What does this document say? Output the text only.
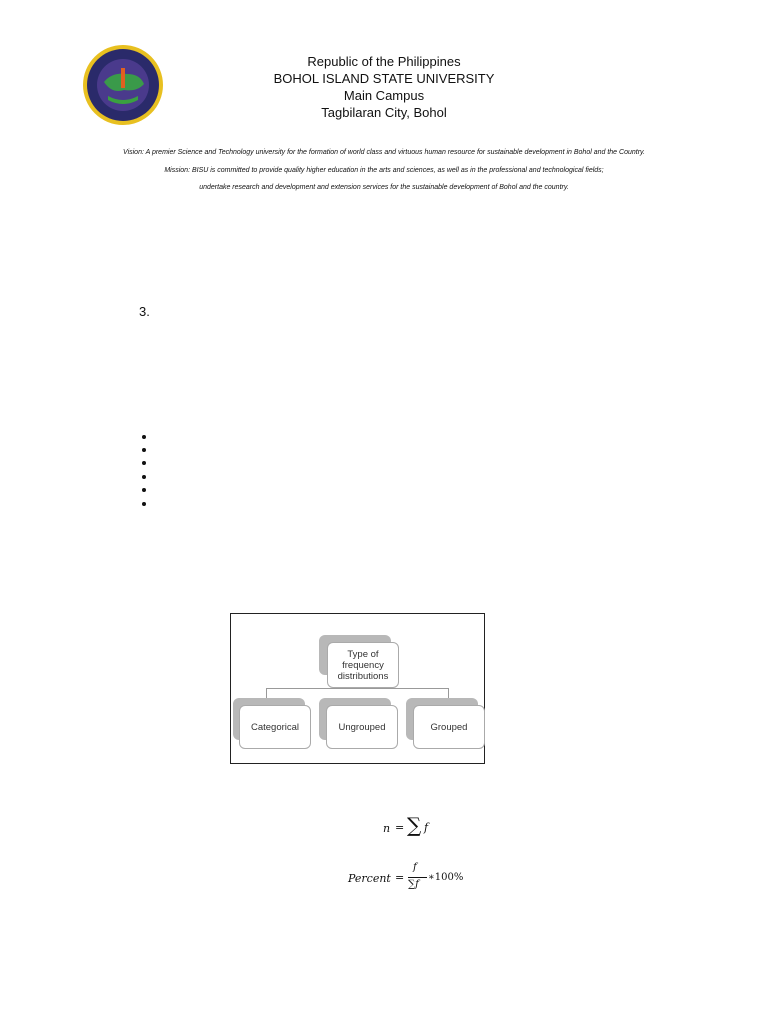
Republic of the Philippines
BOHOL ISLAND STATE UNIVERSITY
Main Campus
Tagbilaran City, Bohol
Vision: A premier Science and Technology university for the formation of world class and virtuous human resource for sustainable development in Bohol and the Country.
Mission: BISU is committed to provide quality higher education in the arts and sciences, as well as in the professional and technological fields;
undertake research and development and extension services for the sustainable development of Bohol and the country.
3.
Type of frequency distributions
Categorical	Ungrouped	Grouped
n = ∑ f
Percent =
f
∑f
∗100%
